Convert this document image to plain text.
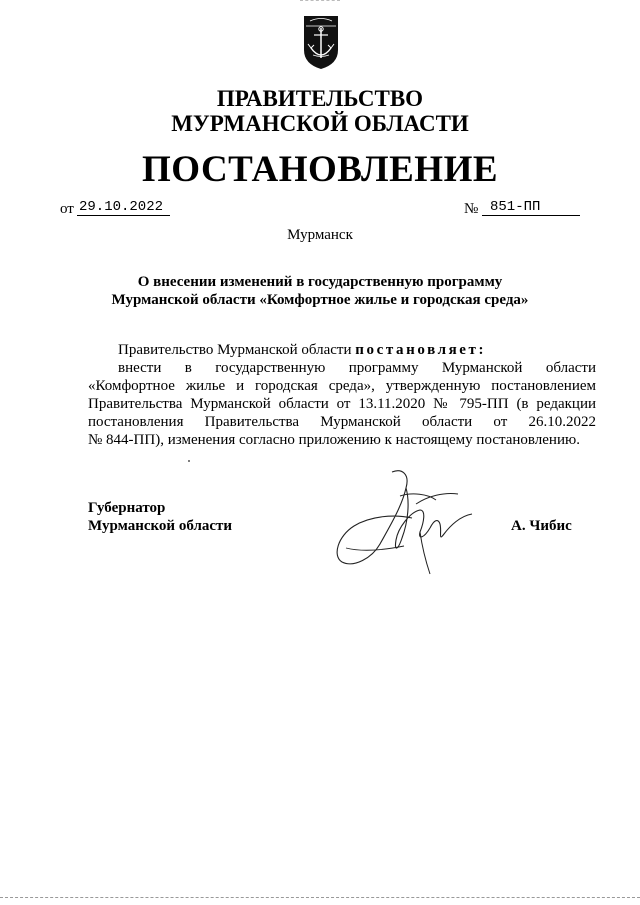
ПРАВИТЕЛЬСТВО
МУРМАНСКОЙ ОБЛАСТИ
ПОСТАНОВЛЕНИЕ
от 29.10.2022	№ 851-ПП
Мурманск
О внесении изменений в государственную программу
Мурманской области «Комфортное жилье и городская среда»
Правительство Мурманской области постановляет:
внести в государственную программу Мурманской области
«Комфортное жилье и городская среда», утвержденную постановлением
Правительства Мурманской области от 13.11.2020 № 795-ПП (в редакции
постановления Правительства Мурманской области от 26.10.2022
№ 844-ПП), изменения согласно приложению к настоящему постановлению.
Губернатор
Мурманской области	А. Чибис
